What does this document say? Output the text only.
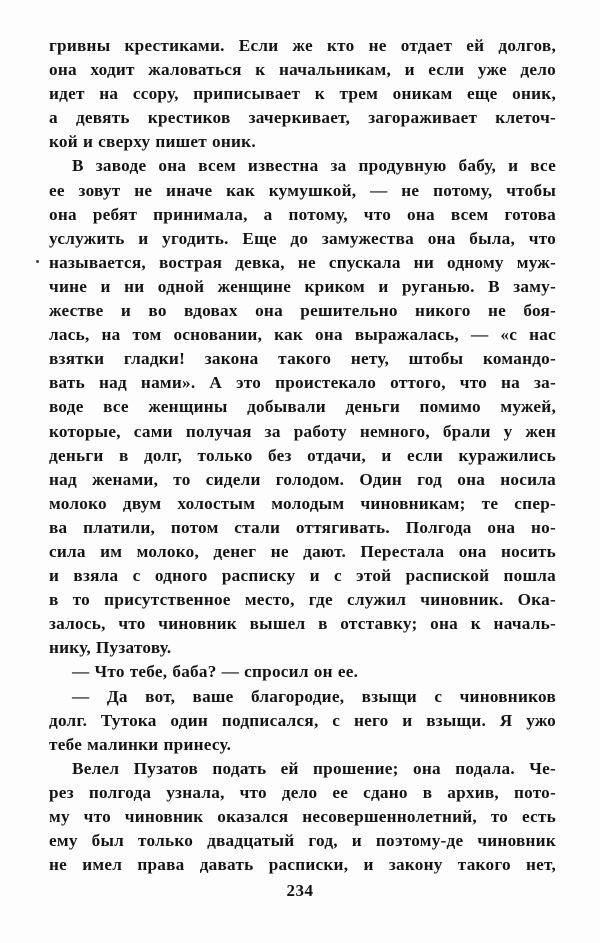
гривны крестиками. Если же кто не отдает ей долгов,
она ходит жаловаться к начальникам, и если уже дело
идет на ссору, приписывает к трем оникам еще оник,
а девять крестиков зачеркивает, загораживает клеточ-
кой и сверху пишет оник.
В заводе она всем известна за продувную бабу, и все
ее зовут не иначе как кумушкой, — не потому, чтобы
она ребят принимала, а потому, что она всем готова
услужить и угодить. Еще до замужества она была, что
называется, вострая девка, не спускала ни одному муж-
чине и ни одной женщине криком и руганью. В заму-
жестве и во вдовах она решительно никого не боя-
лась, на том основании, как она выражалась, — «с нас
взятки гладки! закона такого нету, штобы командо-
вать над нами». А это проистекало оттого, что на за-
воде все женщины добывали деньги помимо мужей,
которые, сами получая за работу немного, брали у жен
деньги в долг, только без отдачи, и если куражились
над женами, то сидели голодом. Один год она носила
молоко двум холостым молодым чиновникам; те спер-
ва платили, потом стали оттягивать. Полгода она но-
сила им молоко, денег не дают. Перестала она носить
и взяла с одного расписку и с этой распиской пошла
в то присутственное место, где служил чиновник. Ока-
залось, что чиновник вышел в отставку; она к началь-
нику, Пузатову.
— Что тебе, баба? — спросил он ее.
— Да вот, ваше благородие, взыщи с чиновников
долг. Тутока один подписался, с него и взыщи. Я ужо
тебе малинки принесу.
Велел Пузатов подать ей прошение; она подала. Че-
рез полгода узнала, что дело ее сдано в архив, пото-
му что чиновник оказался несовершеннолетний, то есть
ему был только двадцатый год, и поэтому-де чиновник
не имел права давать расписки, и закону такого нет,
234
